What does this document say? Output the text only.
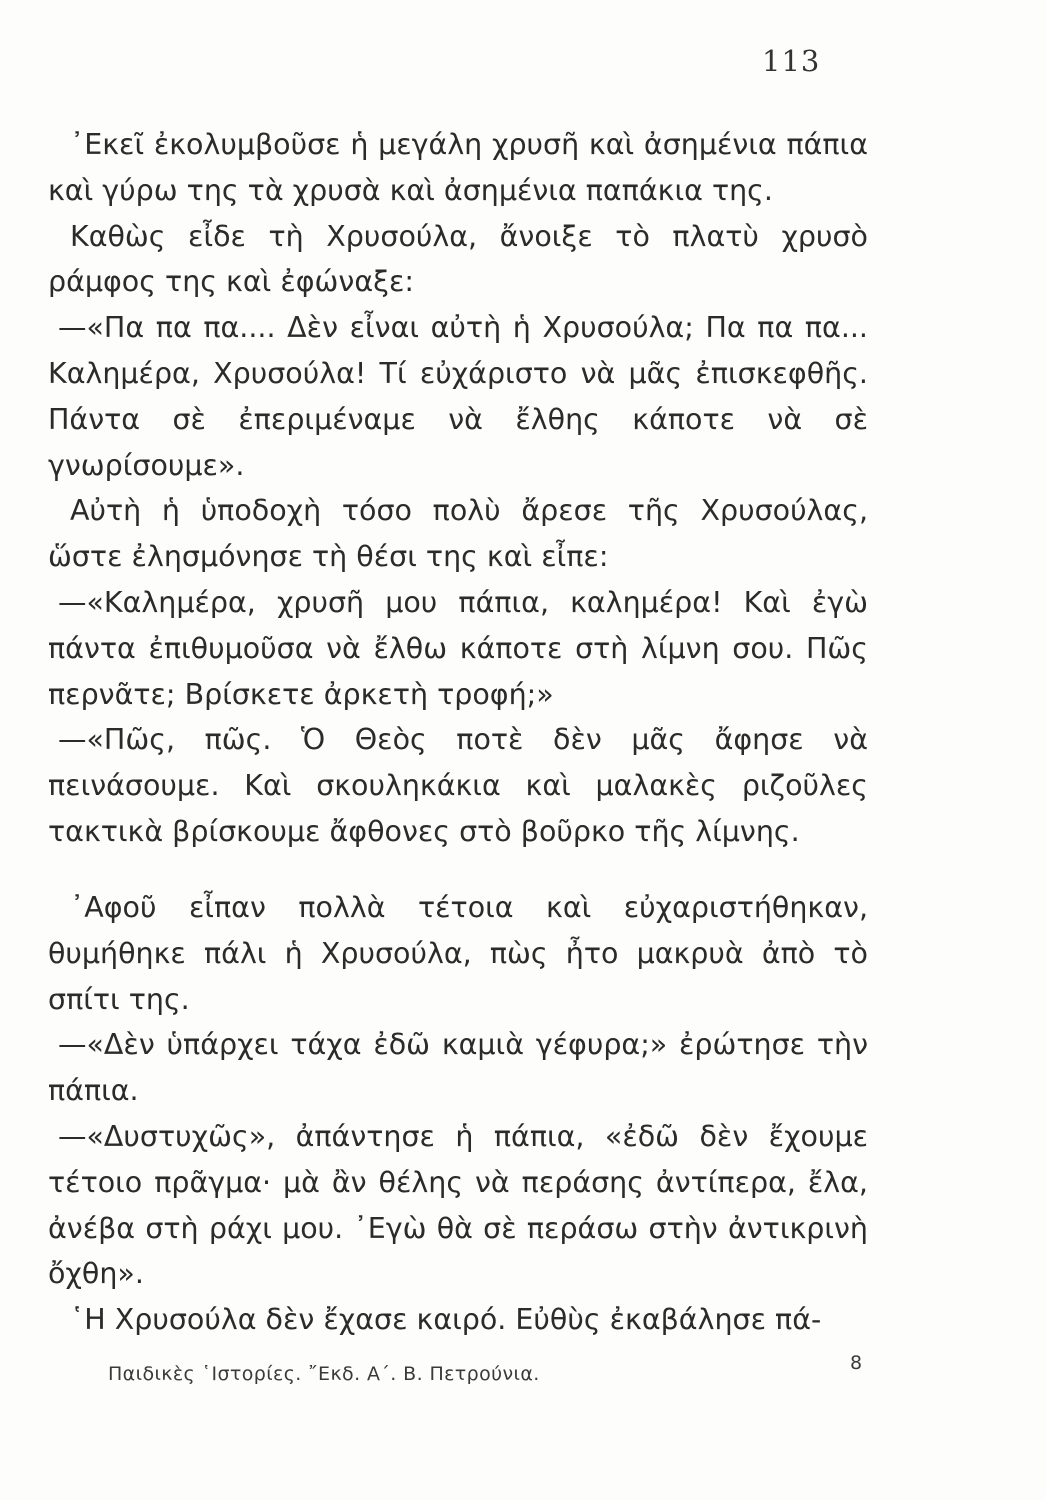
113

᾿Εκεῖ ἐκολυμβοῦσε ἡ μεγάλη χρυσῆ καὶ ἀσημένια πάπια καὶ γύρω της τὰ χρυσὰ καὶ ἀσημένια παπάκια της.

Καθὼς εἶδε τὴ Χρυσούλα, ἄνοιξε τὸ πλατὺ χρυσὸ ράμφος της καὶ ἐφώναξε:

—«Πα πα πα.... Δὲν εἶναι αὐτὴ ἡ Χρυσούλα; Πα πα πα... Καλημέρα, Χρυσούλα! Τί εὐχάριστο νὰ μᾶς ἐπισκεφθῆς. Πάντα σὲ ἐπεριμέναμε νὰ ἔλθης κάποτε νὰ σὲ γνωρίσουμε».

Αὐτὴ ἡ ὑποδοχὴ τόσο πολὺ ἄρεσε τῆς Χρυσούλας, ὥστε ἐλησμόνησε τὴ θέσι της καὶ εἶπε:

—«Καλημέρα, χρυσῆ μου πάπια, καλημέρα! Καὶ ἐγὼ πάντα ἐπιθυμοῦσα νὰ ἔλθω κάποτε στὴ λίμνη σου. Πῶς περνᾶτε; Βρίσκετε ἀρκετὴ τροφή;»

—«Πῶς, πῶς. Ὁ Θεὸς ποτὲ δὲν μᾶς ἄφησε νὰ πεινάσουμε. Καὶ σκουληκάκια καὶ μαλακὲς ριζοῦλες τακτικὰ βρίσκουμε ἄφθονες στὸ βοῦρκο τῆς λίμνης.

᾿Αφοῦ εἶπαν πολλὰ τέτοια καὶ εὐχαριστήθηκαν, θυμήθηκε πάλι ἡ Χρυσούλα, πὼς ἦτο μακρυὰ ἀπὸ τὸ σπίτι της.

—«Δὲν ὑπάρχει τάχα ἐδῶ καμιὰ γέφυρα;» ἐρώτησε τὴν πάπια.

—«Δυστυχῶς», ἀπάντησε ἡ πάπια, «ἐδῶ δὲν ἔχουμε τέτοιο πρᾶγμα· μὰ ἂν θέλης νὰ περάσης ἀντίπερα, ἔλα, ἀνέβα στὴ ράχι μου. ᾿Εγὼ θὰ σὲ περάσω στὴν ἀντικρινὴ ὄχθη».

῾Η Χρυσούλα δὲν ἔχασε καιρό. Εὐθὺς ἐκαβάλησε πά-

Παιδικὲς ῾Ιστορίες. ῎Εκδ. Α΄. Β. Πετρούνια.	8
